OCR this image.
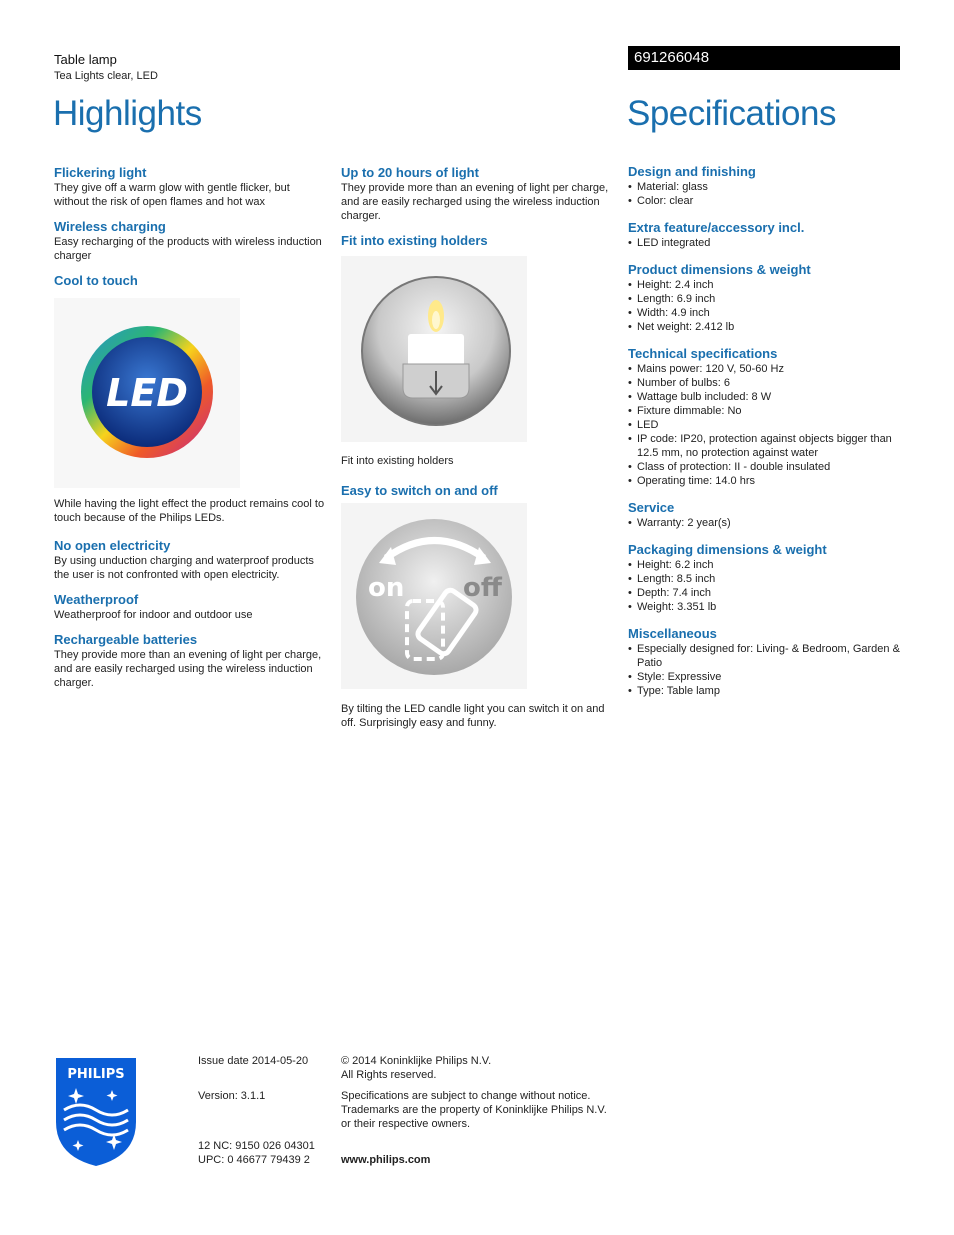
Table lamp
Tea Lights clear, LED
691266048
Highlights	Specifications
Flickering light

They give off a warm glow with gentle flicker, but without the risk of open flames and hot wax

Wireless charging

Easy recharging of the products with wireless induction charger

Cool to touch
LED

While having the light effect the product remains cool to touch because of the Philips LEDs.

No open electricity

By using unduction charging and waterproof products the user is not confronted with open electricity.

Weatherproof

Weatherproof for indoor and outdoor use

Rechargeable batteries

They provide more than an evening of light per charge, and are easily recharged using the wireless induction charger.

Up to 20 hours of light

They provide more than an evening of light per charge, and are easily recharged using the wireless induction charger.

Fit into existing holders
Fit into existing holders
Easy to switch on and off
on off
By tilting the LED candle light you can switch it on and off. Surprisingly easy and funny.
Design and finishing
• Material: glass
• Color: clear
Extra feature/accessory incl.
• LED integrated
Product dimensions & weight
• Height: 2.4 inch
• Length: 6.9 inch
• Width: 4.9 inch
• Net weight: 2.412 lb
Technical specifications
• Mains power: 120 V, 50-60 Hz
• Number of bulbs: 6
• Wattage bulb included: 8 W
• Fixture dimmable: No
• LED
• IP code: IP20, protection against objects bigger than 12.5 mm, no protection against water
• Class of protection: II - double insulated
• Operating time: 14.0 hrs
Service
• Warranty: 2 year(s)
Packaging dimensions & weight
• Height: 6.2 inch
• Length: 8.5 inch
• Depth: 7.4 inch
• Weight: 3.351 lb
Miscellaneous
• Especially designed for: Living- & Bedroom, Garden & Patio
• Style: Expressive
• Type: Table lamp
PHILIPS
Issue date 2014-05-20
Version: 3.1.1
12 NC: 9150 026 04301
UPC: 0 46677 79439 2
© 2014 Koninklijke Philips N.V.
All Rights reserved.
Specifications are subject to change without notice. Trademarks are the property of Koninklijke Philips N.V. or their respective owners.
www.philips.com
